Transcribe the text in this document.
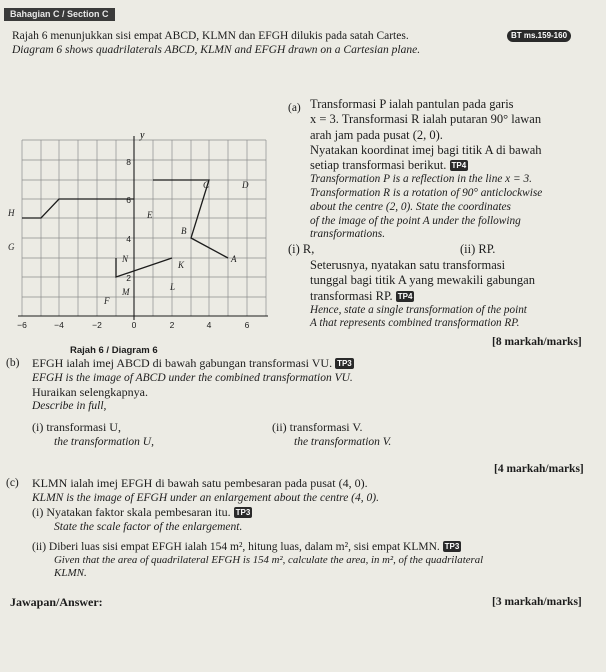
Bahagian C / Section C
BT ms.159-160
Rajah 6 menunjukkan sisi empat ABCD, KLMN dan EFGH dilukis pada satah Cartes.
Diagram 6 shows quadrilaterals ABCD, KLMN and EFGH drawn on a Cartesian plane.
y
−6	−4	−2	0	2	4	6
8
6
4
2
A
B
C	D
E
F
G
H
K
L
M
N
Rajah 6 / Diagram 6
(a) Transformasi P ialah pantulan pada garis
x = 3. Transformasi R ialah putaran 90° lawan
arah jam pada pusat (2, 0).
Nyatakan koordinat imej bagi titik A di bawah
setiap transformasi berikut. TP4
Transformation P is a reflection in the line x = 3.
Transformation R is a rotation of 90° anticlockwise
about the centre (2, 0). State the coordinates
of the image of the point A under the following
transformations.
(i) R,	(ii) RP.
Seterusnya, nyatakan satu transformasi
tunggal bagi titik A yang mewakili gabungan
transformasi RP. TP4
Hence, state a single transformation of the point
A that represents combined transformation RP.
[8 markah/marks]
(b) EFGH ialah imej ABCD di bawah gabungan transformasi VU. TP3
EFGH is the image of ABCD under the combined transformation VU.
Huraikan selengkapnya.
Describe in full,
(i) transformasi U,
the transformation U,
(ii) transformasi V.
the transformation V.
[4 markah/marks]
(c) KLMN ialah imej EFGH di bawah satu pembesaran pada pusat (4, 0).
KLMN is the image of EFGH under an enlargement about the centre (4, 0).
(i) Nyatakan faktor skala pembesaran itu. TP3
State the scale factor of the enlargement.
(ii) Diberi luas sisi empat EFGH ialah 154 m², hitung luas, dalam m², sisi empat KLMN. TP3
Given that the area of quadrilateral EFGH is 154 m², calculate the area, in m², of the quadrilateral
KLMN.
Jawapan/Answer:	[3 markah/marks]
